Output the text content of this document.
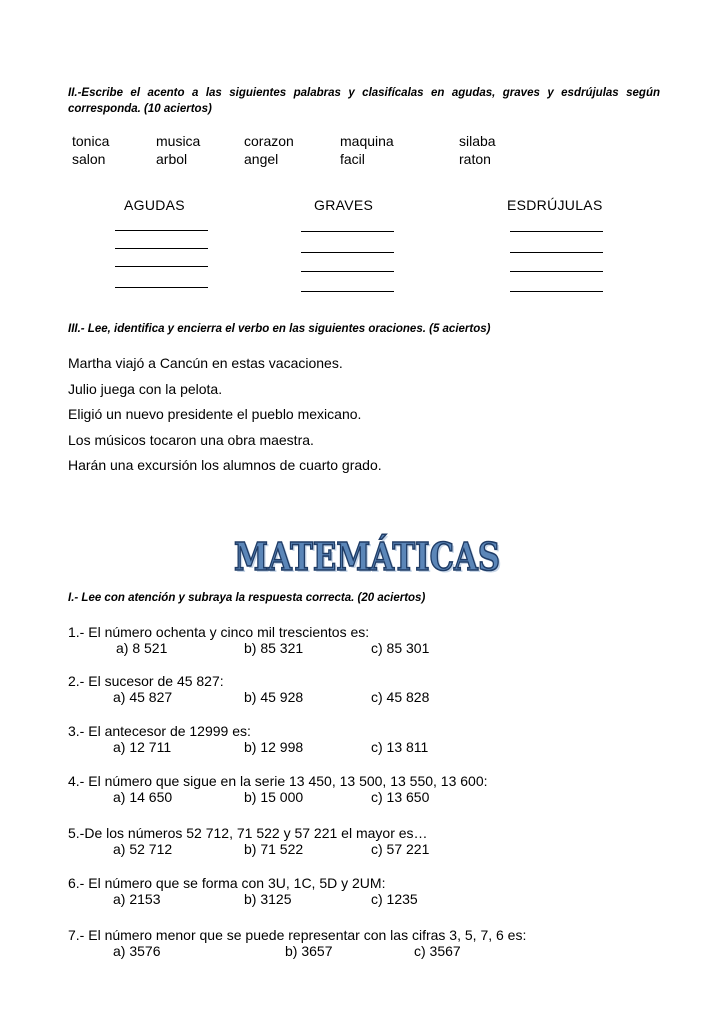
II.-Escribe el acento a las siguientes palabras y clasifícalas en agudas, graves y esdrújulas según corresponda. (10 aciertos)
tonica	musica	corazon	maquina	silaba
salon	arbol	angel	facil	raton
AGUDAS	GRAVES	ESDRÚJULAS
III.- Lee, identifica y encierra el verbo en las siguientes oraciones. (5 aciertos)
Martha viajó a Cancún en estas vacaciones.
Julio juega con la pelota.
Eligió un nuevo presidente el pueblo mexicano.
Los músicos tocaron una obra maestra.
Harán una excursión los alumnos de cuarto grado.
MATEMÁTICAS
MATEMÁTICAS
I.- Lee con atención y subraya la respuesta correcta. (20 aciertos)
1.- El número ochenta y cinco mil trescientos es:
a) 8 521	b) 85 321	c) 85 301
2.- El sucesor de 45 827:
a) 45 827	b) 45 928	c) 45 828
3.- El antecesor de 12999 es:
a) 12 711	b) 12 998	c) 13 811
4.- El número que sigue en la serie 13 450, 13 500, 13 550, 13 600:
a) 14 650	b) 15 000	c) 13 650
5.-De los números 52 712, 71 522 y 57 221 el mayor es…
a) 52 712	b) 71 522	c) 57 221
6.- El número que se forma con 3U, 1C, 5D y 2UM:
a) 2153	b) 3125	c) 1235
7.- El número menor que se puede representar con las cifras 3, 5, 7, 6 es:
a) 3576	b) 3657	c) 3567
